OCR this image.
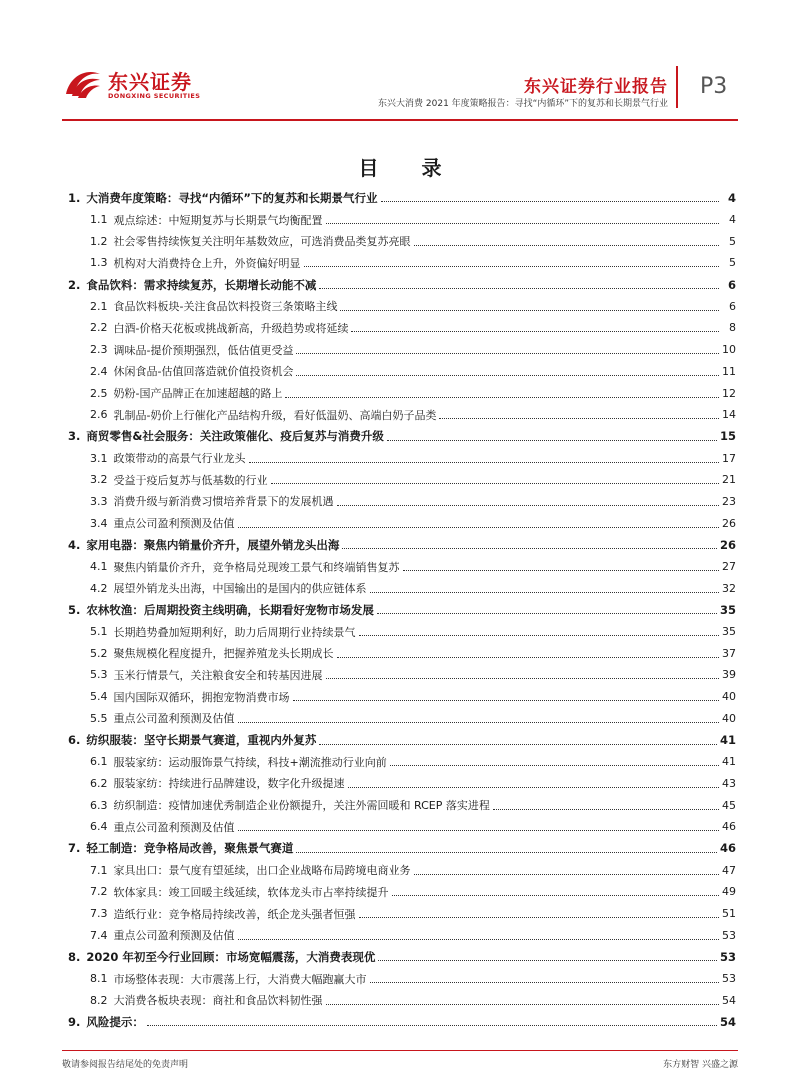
东兴证券
DONGXING SECURITIES	东兴证券行业报告
东兴大消费 2021 年度策略报告：寻找“内循环”下的复苏和长期景气行业
P3
目 录
1. 大消费年度策略：寻找“内循环”下的复苏和长期景气行业	4
1.1 观点综述：中短期复苏与长期景气均衡配置	4
1.2 社会零售持续恢复关注明年基数效应，可选消费品类复苏亮眼	5
1.3 机构对大消费持仓上升，外资偏好明显	5
2. 食品饮料：需求持续复苏，长期增长动能不减	6
2.1 食品饮料板块-关注食品饮料投资三条策略主线	6
2.2 白酒-价格天花板或挑战新高，升级趋势或将延续	8
2.3 调味品-提价预期强烈，低估值更受益	10
2.4 休闲食品-估值回落造就价值投资机会	11
2.5 奶粉-国产品牌正在加速超越的路上	12
2.6 乳制品-奶价上行催化产品结构升级，看好低温奶、高端白奶子品类	14
3. 商贸零售&社会服务：关注政策催化、疫后复苏与消费升级	15
3.1 政策带动的高景气行业龙头	17
3.2 受益于疫后复苏与低基数的行业	21
3.3 消费升级与新消费习惯培养背景下的发展机遇	23
3.4 重点公司盈利预测及估值	26
4. 家用电器：聚焦内销量价齐升，展望外销龙头出海	26
4.1 聚焦内销量价齐升，竞争格局兑现竣工景气和终端销售复苏	27
4.2 展望外销龙头出海，中国输出的是国内的供应链体系	32
5. 农林牧渔：后周期投资主线明确，长期看好宠物市场发展	35
5.1 长期趋势叠加短期利好，助力后周期行业持续景气	35
5.2 聚焦规模化程度提升，把握养殖龙头长期成长	37
5.3 玉米行情景气，关注粮食安全和转基因进展	39
5.4 国内国际双循环，拥抱宠物消费市场	40
5.5 重点公司盈利预测及估值	40
6. 纺织服装：坚守长期景气赛道，重视内外复苏	41
6.1 服装家纺：运动服饰景气持续，科技+潮流推动行业向前	41
6.2 服装家纺：持续进行品牌建设，数字化升级提速	43
6.3 纺织制造：疫情加速优秀制造企业份额提升，关注外需回暖和 RCEP 落实进程	45
6.4 重点公司盈利预测及估值	46
7. 轻工制造：竞争格局改善，聚焦景气赛道	46
7.1 家具出口：景气度有望延续，出口企业战略布局跨境电商业务	47
7.2 软体家具：竣工回暖主线延续，软体龙头市占率持续提升	49
7.3 造纸行业：竞争格局持续改善，纸企龙头强者恒强	51
7.4 重点公司盈利预测及估值	53
8. 2020 年初至今行业回顾：市场宽幅震荡，大消费表现优	53
8.1 市场整体表现：大市震荡上行，大消费大幅跑赢大市	53
8.2 大消费各板块表现：商社和食品饮料韧性强	54
9. 风险提示：	54
敬请参阅报告结尾处的免责声明	东方财智 兴盛之源
